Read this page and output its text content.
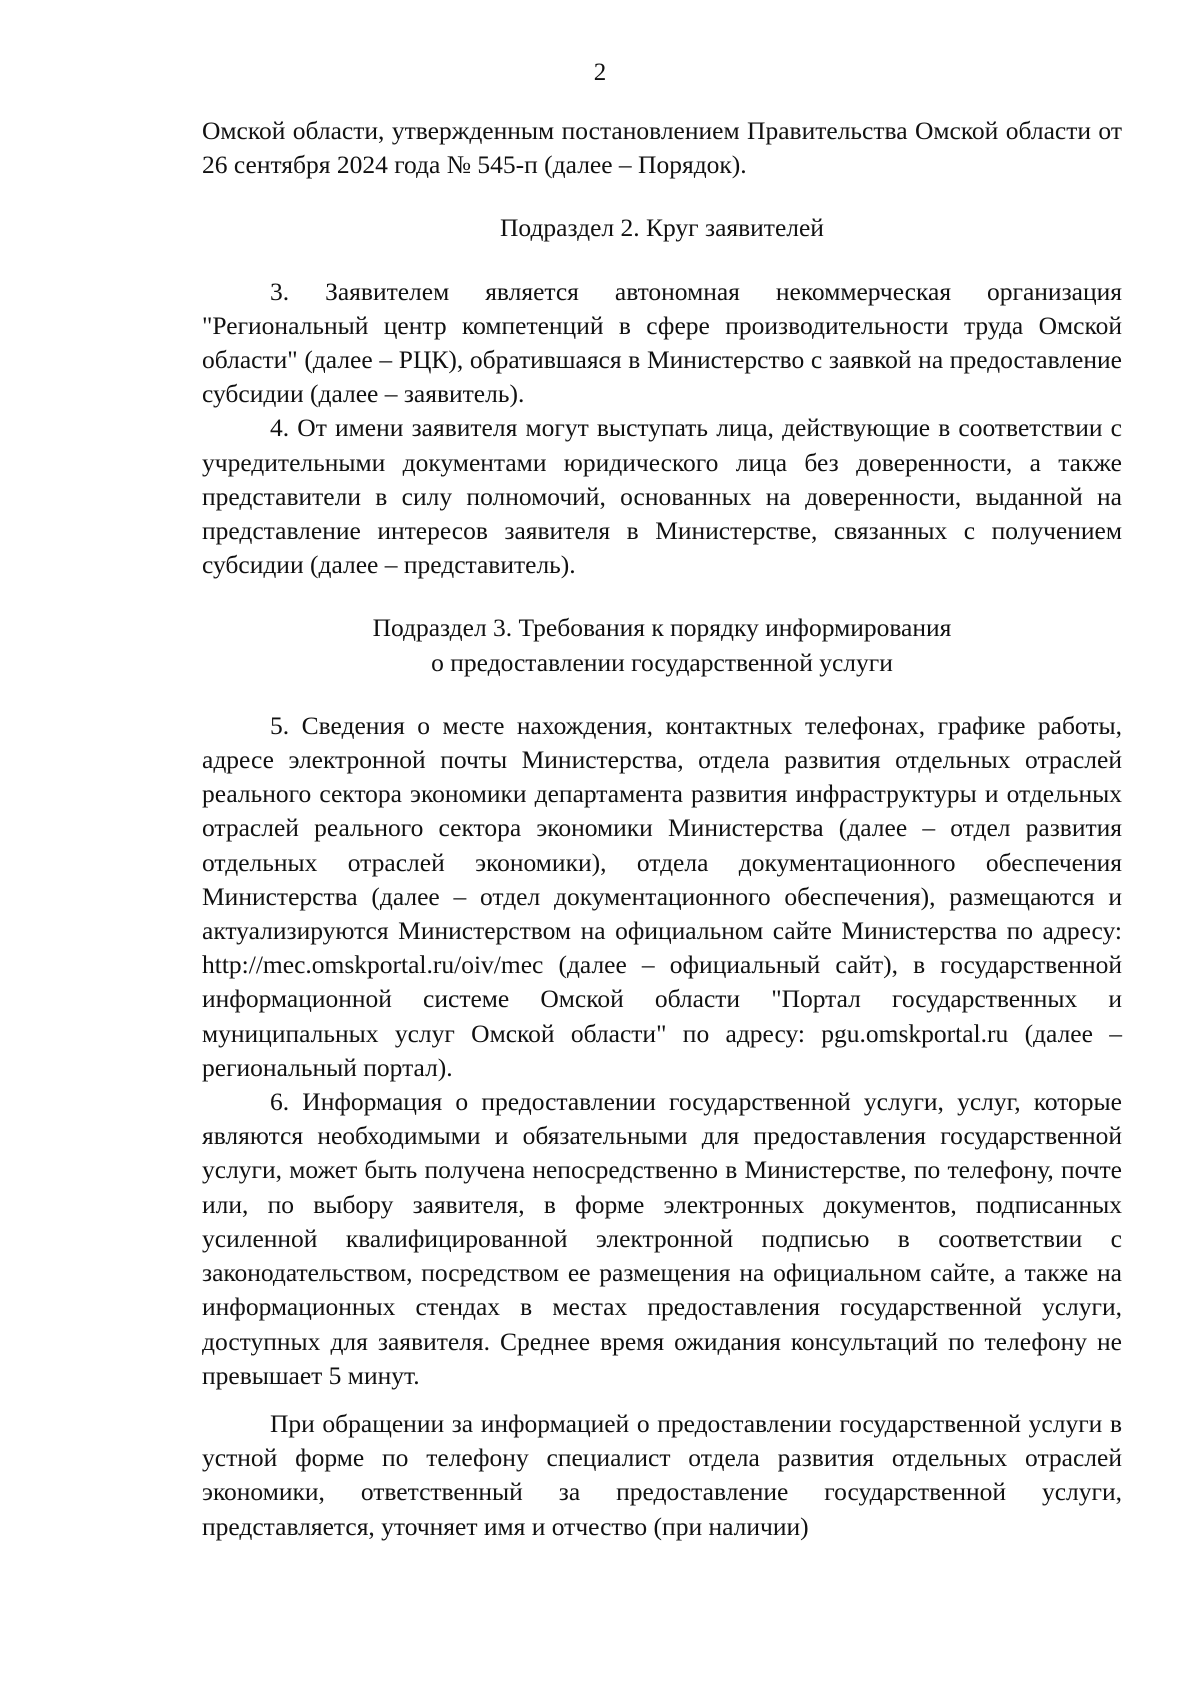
2

Омской области, утвержденным постановлением Правительства Омской области от 26 сентября 2024 года № 545-п (далее – Порядок).

Подраздел 2. Круг заявителей

3. Заявителем является автономная некоммерческая организация "Региональный центр компетенций в сфере производительности труда Омской области" (далее – РЦК), обратившаяся в Министерство с заявкой на предоставление субсидии (далее – заявитель).

4. От имени заявителя могут выступать лица, действующие в соответствии с учредительными документами юридического лица без доверенности, а также представители в силу полномочий, основанных на доверенности, выданной на представление интересов заявителя в Министерстве, связанных с получением субсидии (далее – представитель).

Подраздел 3. Требования к порядку информирования

о предоставлении государственной услуги

5. Сведения о месте нахождения, контактных телефонах, графике работы, адресе электронной почты Министерства, отдела развития отдельных отраслей реального сектора экономики департамента развития инфраструктуры и отдельных отраслей реального сектора экономики Министерства (далее – отдел развития отдельных отраслей экономики), отдела документационного обеспечения Министерства (далее – отдел документационного обеспечения), размещаются и актуализируются Министерством на официальном сайте Министерства по адресу: http://mec.omskportal.ru/oiv/mec (далее – официальный сайт), в государственной информационной системе Омской области "Портал государственных и муниципальных услуг Омской области" по адресу: pgu.omskportal.ru (далее – региональный портал).

6. Информация о предоставлении государственной услуги, услуг, которые являются необходимыми и обязательными для предоставления государственной услуги, может быть получена непосредственно в Министерстве, по телефону, почте или, по выбору заявителя, в форме электронных документов, подписанных усиленной квалифицированной электронной подписью в соответствии с законодательством, посредством ее размещения на официальном сайте, а также на информационных стендах в местах предоставления государственной услуги, доступных для заявителя. Среднее время ожидания консультаций по телефону не превышает 5 минут.

При обращении за информацией о предоставлении государственной услуги в устной форме по телефону специалист отдела развития отдельных отраслей экономики, ответственный за предоставление государственной услуги, представляется, уточняет имя и отчество (при наличии)
